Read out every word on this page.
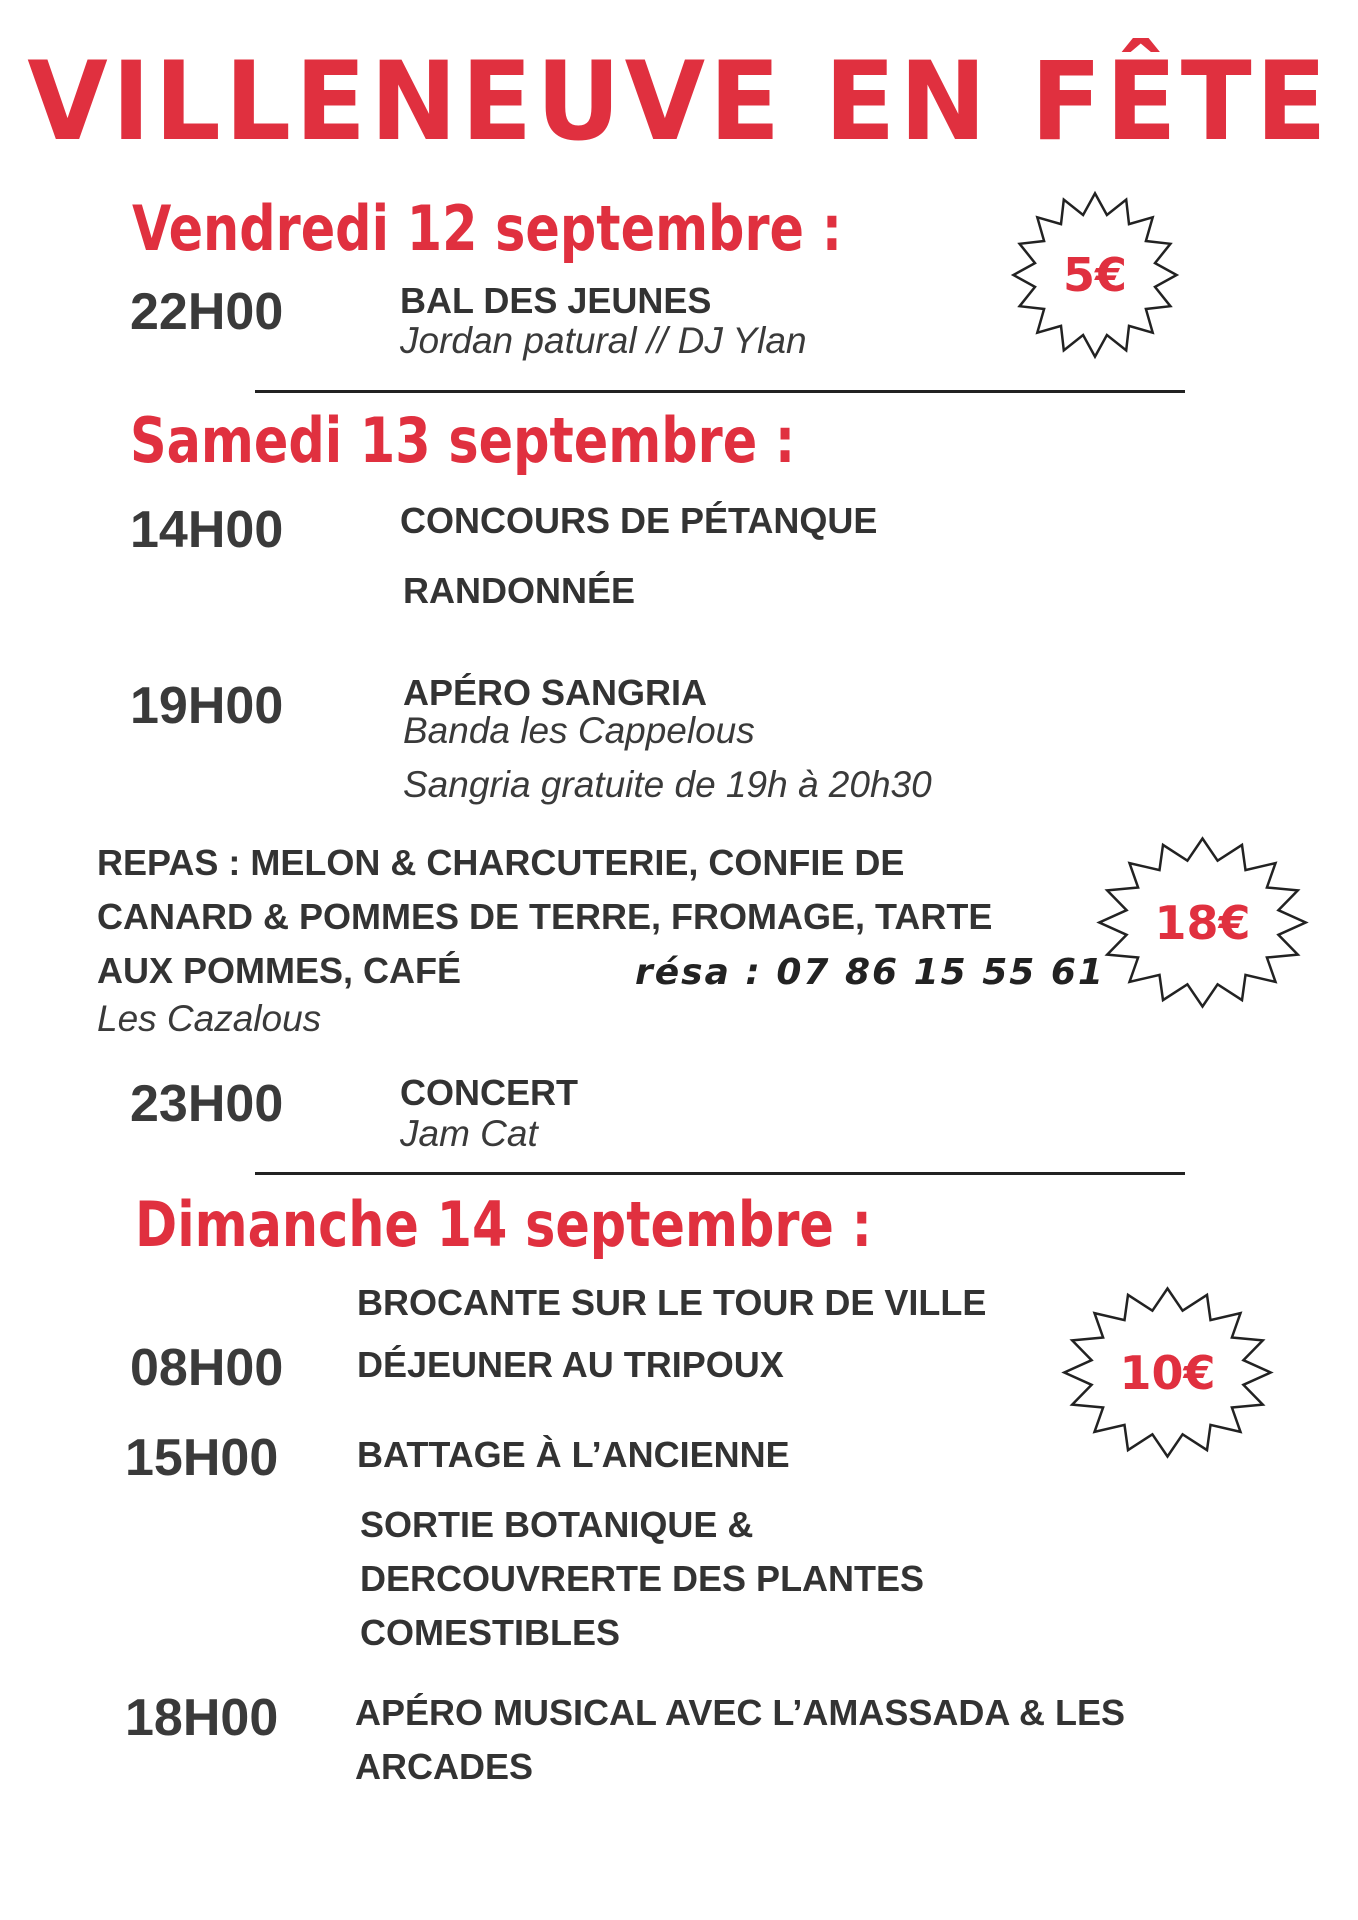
VILLENEUVE EN FÊTE
Vendredi 12 septembre :
22H00	BAL DES JEUNES
Jordan patural // DJ Ylan
5€
Samedi 13 septembre :
14H00	CONCOURS DE PÉTANQUE
RANDONNÉE
19H00	APÉRO SANGRIA
Banda les Cappelous
Sangria gratuite de 19h à 20h30
REPAS : MELON & CHARCUTERIE, CONFIE DE
CANARD & POMMES DE TERRE, FROMAGE, TARTE
AUX POMMES, CAFÉ
Les Cazalous
résa : 07 86 15 55 61
18€
23H00	CONCERT
Jam Cat
Dimanche 14 septembre :
BROCANTE SUR LE TOUR DE VILLE
08H00 DÉJEUNER AU TRIPOUX
15H00 BATTAGE À L’ANCIENNE
SORTIE BOTANIQUE &
DERCOUVRERTE DES PLANTES
COMESTIBLES
18H00 APÉRO MUSICAL AVEC L’AMASSADA & LES
ARCADES
10€
